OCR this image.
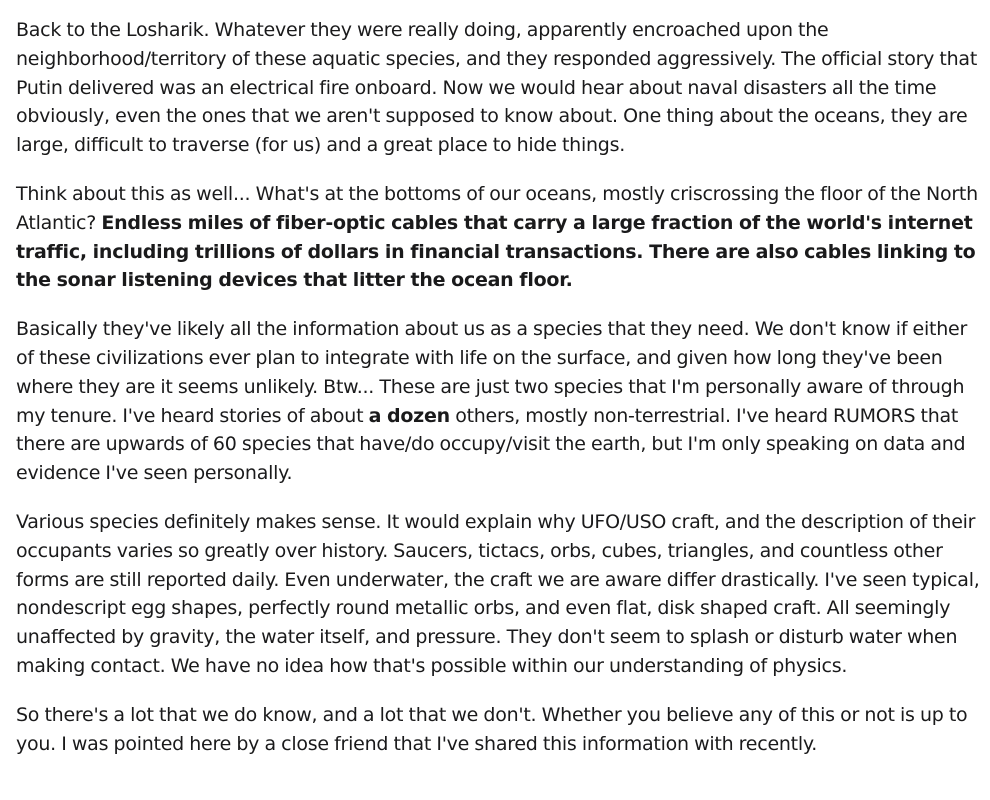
Back to the Losharik. Whatever they were really doing, apparently encroached upon the neighborhood/territory of these aquatic species, and they responded aggressively. The official story that Putin delivered was an electrical fire onboard. Now we would hear about naval disasters all the time obviously, even the ones that we aren't supposed to know about. One thing about the oceans, they are large, difficult to traverse (for us) and a great place to hide things.

Think about this as well... What's at the bottoms of our oceans, mostly criscrossing the floor of the North Atlantic? Endless miles of fiber-optic cables that carry a large fraction of the world's internet traffic, including trillions of dollars in financial transactions. There are also cables linking to the sonar listening devices that litter the ocean floor.

Basically they've likely all the information about us as a species that they need. We don't know if either of these civilizations ever plan to integrate with life on the surface, and given how long they've been where they are it seems unlikely. Btw... These are just two species that I'm personally aware of through my tenure. I've heard stories of about a dozen others, mostly non-terrestrial. I've heard RUMORS that there are upwards of 60 species that have/do occupy/visit the earth, but I'm only speaking on data and evidence I've seen personally.

Various species definitely makes sense. It would explain why UFO/USO craft, and the description of their occupants varies so greatly over history. Saucers, tictacs, orbs, cubes, triangles, and countless other forms are still reported daily. Even underwater, the craft we are aware differ drastically. I've seen typical, nondescript egg shapes, perfectly round metallic orbs, and even flat, disk shaped craft. All seemingly unaffected by gravity, the water itself, and pressure. They don't seem to splash or disturb water when making contact. We have no idea how that's possible within our understanding of physics.

So there's a lot that we do know, and a lot that we don't. Whether you believe any of this or not is up to you. I was pointed here by a close friend that I've shared this information with recently.
